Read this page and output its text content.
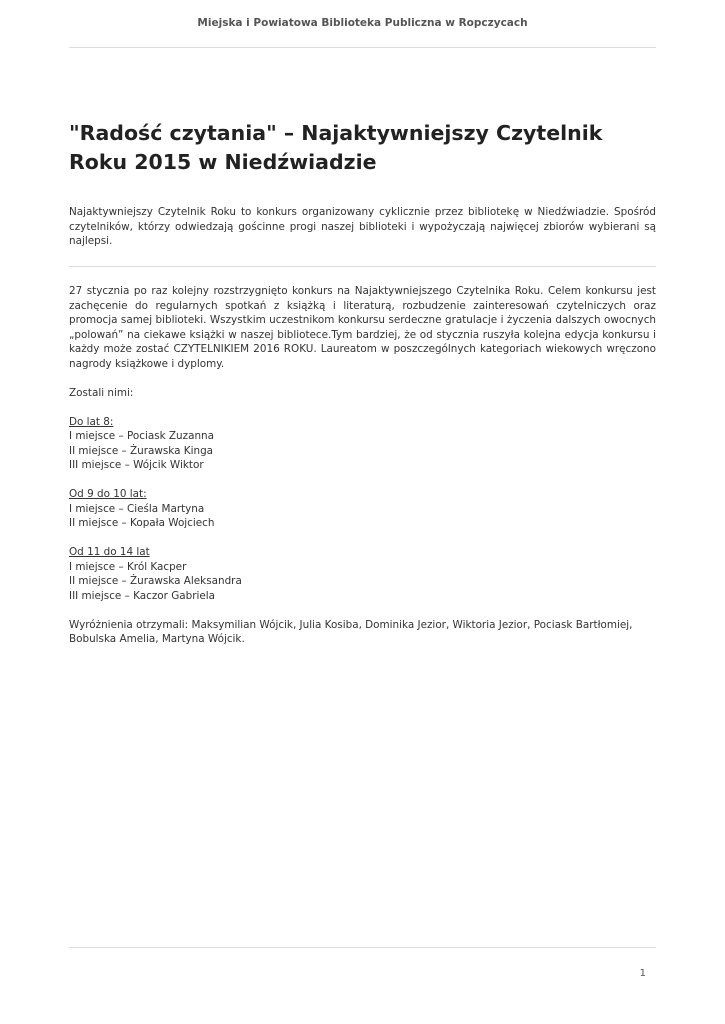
Miejska i Powiatowa Biblioteka Publiczna w Ropczycach
"Radość czytania" – Najaktywniejszy Czytelnik Roku 2015 w Niedźwiadzie

Najaktywniejszy Czytelnik Roku to konkurs organizowany cyklicznie przez bibliotekę w Niedźwiadzie. Spośród czytelników, którzy odwiedzają gościnne progi naszej biblioteki i wypożyczają najwięcej zbiorów wybierani są najlepsi.

27 stycznia po raz kolejny rozstrzygnięto konkurs na Najaktywniejszego Czytelnika Roku. Celem konkursu jest zachęcenie do regularnych spotkań z książką i literaturą, rozbudzenie zainteresowań czytelniczych oraz promocja samej biblioteki. Wszystkim uczestnikom konkursu serdeczne gratulacje i życzenia dalszych owocnych „polowań” na ciekawe książki w naszej bibliotece.Tym bardziej, że od stycznia ruszyła kolejna edycja konkursu i każdy może zostać CZYTELNIKIEM 2016 ROKU. Laureatom w poszczególnych kategoriach wiekowych wręczono nagrody książkowe i dyplomy.

Zostali nimi:

Do lat 8:
I miejsce – Pociask Zuzanna
II miejsce – Żurawska Kinga
III miejsce – Wójcik Wiktor

Od 9 do 10 lat:
I miejsce – Cieśla Martyna
II miejsce – Kopała Wojciech

Od 11 do 14 lat
I miejsce – Król Kacper
II miejsce – Żurawska Aleksandra
III miejsce – Kaczor Gabriela

Wyróżnienia otrzymali: Maksymilian Wójcik, Julia Kosiba, Dominika Jezior, Wiktoria Jezior, Pociask Bartłomiej, Bobulska Amelia, Martyna Wójcik.

1
